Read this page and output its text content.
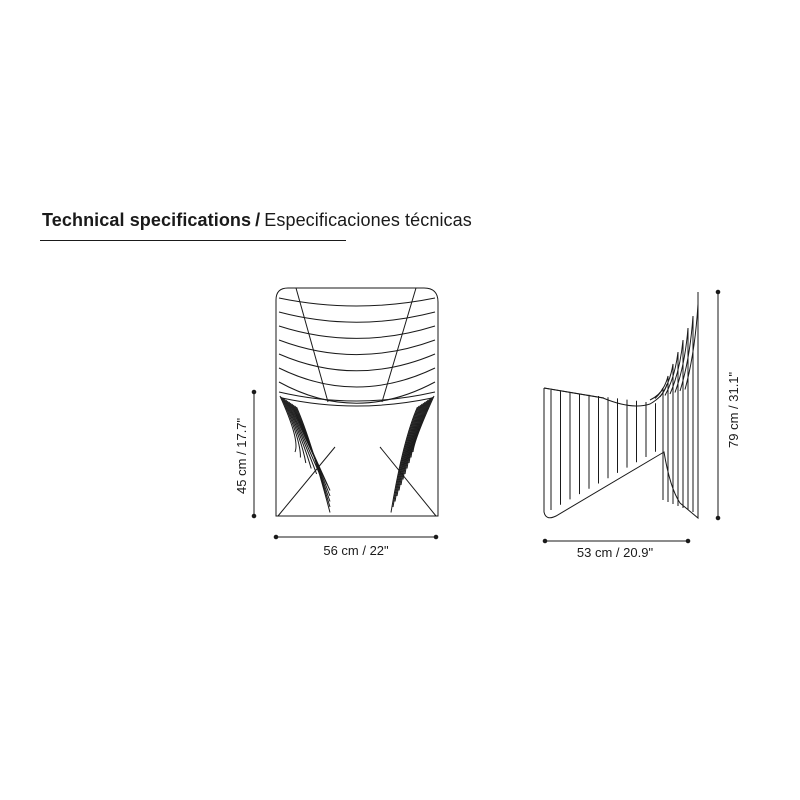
Technical specifications / Especificaciones técnicas
45 cm / 17.7"
56 cm / 22"
79 cm / 31.1"
53 cm / 20.9"
